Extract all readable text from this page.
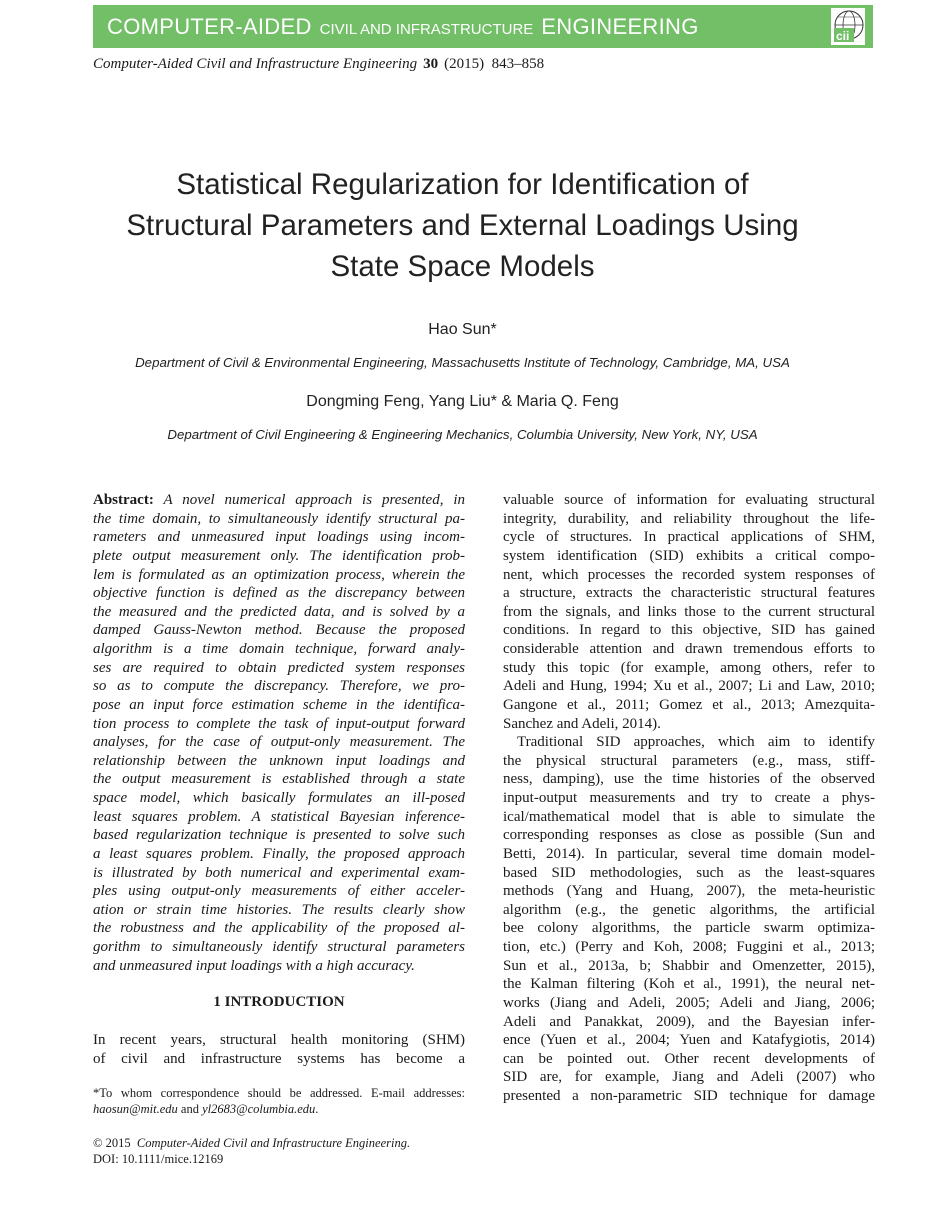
COMPUTER-AIDED CIVIL AND INFRASTRUCTURE ENGINEERING	cii
Computer-Aided Civil and Infrastructure Engineering 30 (2015) 843–858
Statistical Regularization for Identification of
Structural Parameters and External Loadings Using
State Space Models
Hao Sun*
Department of Civil & Environmental Engineering, Massachusetts Institute of Technology, Cambridge, MA, USA
Dongming Feng, Yang Liu* & Maria Q. Feng
Department of Civil Engineering & Engineering Mechanics, Columbia University, New York, NY, USA
Abstract: A novel numerical approach is presented, in
the time domain, to simultaneously identify structural pa-
rameters and unmeasured input loadings using incom-
plete output measurement only. The identification prob-
lem is formulated as an optimization process, wherein the
objective function is defined as the discrepancy between
the measured and the predicted data, and is solved by a
damped Gauss-Newton method. Because the proposed
algorithm is a time domain technique, forward analy-
ses are required to obtain predicted system responses
so as to compute the discrepancy. Therefore, we pro-
pose an input force estimation scheme in the identifica-
tion process to complete the task of input-output forward
analyses, for the case of output-only measurement. The
relationship between the unknown input loadings and
the output measurement is established through a state
space model, which basically formulates an ill-posed
least squares problem. A statistical Bayesian inference-
based regularization technique is presented to solve such
a least squares problem. Finally, the proposed approach
is illustrated by both numerical and experimental exam-
ples using output-only measurements of either acceler-
ation or strain time histories. The results clearly show
the robustness and the applicability of the proposed al-
gorithm to simultaneously identify structural parameters
and unmeasured input loadings with a high accuracy.
1 INTRODUCTION
In recent years, structural health monitoring (SHM)
of civil and infrastructure systems has become a
*To whom correspondence should be addressed. E-mail addresses:
haosun@mit.edu and yl2683@columbia.edu.
© 2015 Computer-Aided Civil and Infrastructure Engineering.
DOI: 10.1111/mice.12169
valuable source of information for evaluating structural
integrity, durability, and reliability throughout the life-
cycle of structures. In practical applications of SHM,
system identification (SID) exhibits a critical compo-
nent, which processes the recorded system responses of
a structure, extracts the characteristic structural features
from the signals, and links those to the current structural
conditions. In regard to this objective, SID has gained
considerable attention and drawn tremendous efforts to
study this topic (for example, among others, refer to
Adeli and Hung, 1994; Xu et al., 2007; Li and Law, 2010;
Gangone et al., 2011; Gomez et al., 2013; Amezquita-
Sanchez and Adeli, 2014).
Traditional SID approaches, which aim to identify
the physical structural parameters (e.g., mass, stiff-
ness, damping), use the time histories of the observed
input-output measurements and try to create a phys-
ical/mathematical model that is able to simulate the
corresponding responses as close as possible (Sun and
Betti, 2014). In particular, several time domain model-
based SID methodologies, such as the least-squares
methods (Yang and Huang, 2007), the meta-heuristic
algorithm (e.g., the genetic algorithms, the artificial
bee colony algorithms, the particle swarm optimiza-
tion, etc.) (Perry and Koh, 2008; Fuggini et al., 2013;
Sun et al., 2013a, b; Shabbir and Omenzetter, 2015),
the Kalman filtering (Koh et al., 1991), the neural net-
works (Jiang and Adeli, 2005; Adeli and Jiang, 2006;
Adeli and Panakkat, 2009), and the Bayesian infer-
ence (Yuen et al., 2004; Yuen and Katafygiotis, 2014)
can be pointed out. Other recent developments of
SID are, for example, Jiang and Adeli (2007) who
presented a non-parametric SID technique for damage
